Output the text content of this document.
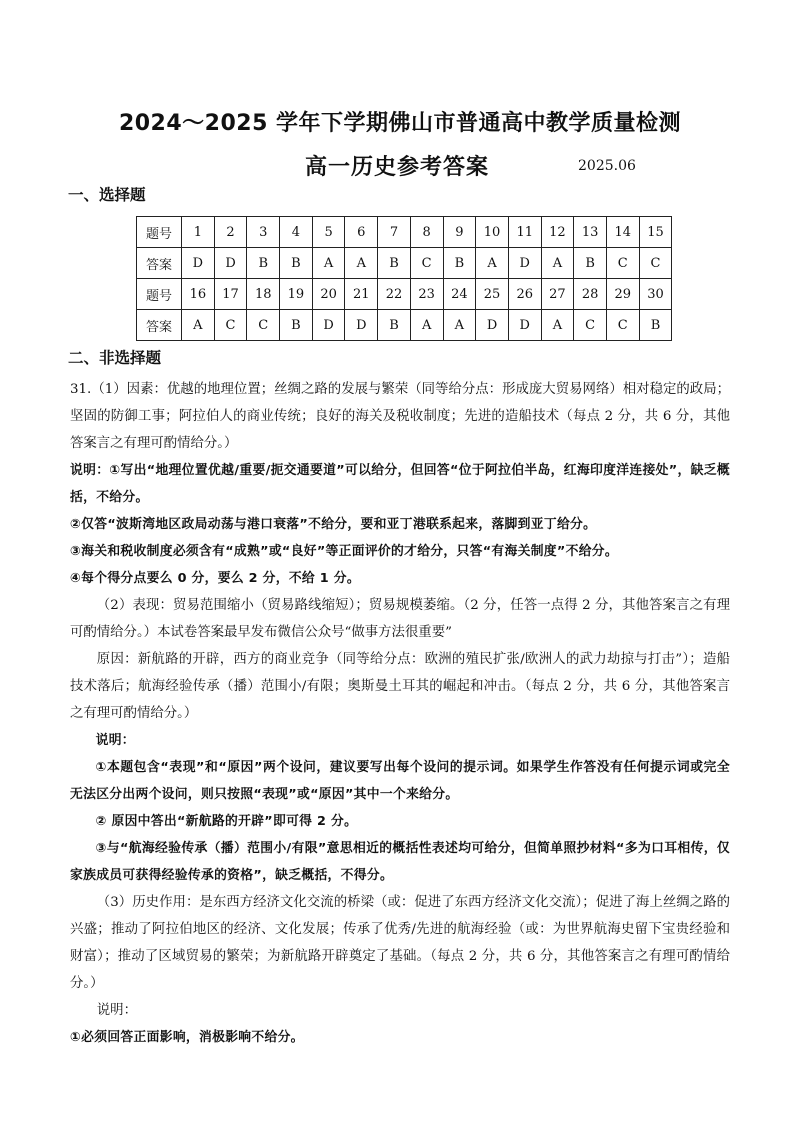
2024～2025 学年下学期佛山市普通高中教学质量检测
高一历史参考答案	2025.06
一、选择题
题号	1	2	3	4	5	6	7	8	9	10	11	12	13	14	15
答案	D	D	B	B	A	A	B	C	B	A	D	A	B	C	C
题号	16	17	18	19	20	21	22	23	24	25	26	27	28	29	30
答案	A	C	C	B	D	D	B	A	A	D	D	A	C	C	B
二、非选择题

31.（1）因素：优越的地理位置；丝绸之路的发展与繁荣（同等给分点：形成庞大贸易网络）相对稳定的政局；坚固的防御工事；阿拉伯人的商业传统；良好的海关及税收制度；先进的造船技术（每点 2 分，共 6 分，其他答案言之有理可酌情给分。）

说明：①写出“地理位置优越/重要/扼交通要道”可以给分，但回答“位于阿拉伯半岛，红海印度洋连接处”，缺乏概括，不给分。

②仅答“波斯湾地区政局动荡与港口衰落”不给分，要和亚丁港联系起来，落脚到亚丁给分。

③海关和税收制度必须含有“成熟”或“良好”等正面评价的才给分，只答“有海关制度”不给分。

④每个得分点要么 0 分，要么 2 分，不给 1 分。

（2）表现：贸易范围缩小（贸易路线缩短）；贸易规模萎缩。（2 分，任答一点得 2 分，其他答案言之有理可酌情给分。）本试卷答案最早发布微信公众号“做事方法很重要”

原因：新航路的开辟，西方的商业竞争（同等给分点：欧洲的殖民扩张/欧洲人的武力劫掠与打击”）；造船技术落后；航海经验传承（播）范围小/有限；奥斯曼土耳其的崛起和冲击。（每点 2 分，共 6 分，其他答案言之有理可酌情给分。）

说明：

①本题包含“表现”和“原因”两个设问，建议要写出每个设问的提示词。如果学生作答没有任何提示词或完全无法区分出两个设问，则只按照“表现”或“原因”其中一个来给分。

② 原因中答出“新航路的开辟”即可得 2 分。

③与“航海经验传承（播）范围小/有限”意思相近的概括性表述均可给分，但简单照抄材料“多为口耳相传，仅家族成员可获得经验传承的资格”，缺乏概括，不得分。

（3）历史作用：是东西方经济文化交流的桥梁（或：促进了东西方经济文化交流）；促进了海上丝绸之路的兴盛；推动了阿拉伯地区的经济、文化发展；传承了优秀/先进的航海经验（或：为世界航海史留下宝贵经验和财富）；推动了区域贸易的繁荣；为新航路开辟奠定了基础。（每点 2 分，共 6 分，其他答案言之有理可酌情给分。）

说明：

①必须回答正面影响，消极影响不给分。
